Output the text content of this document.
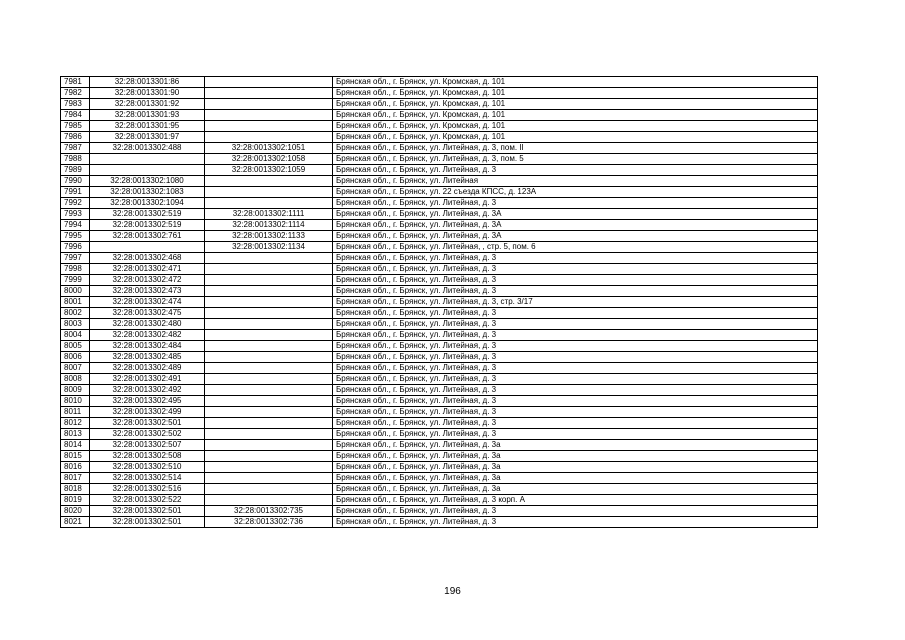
7981	32:28:0013301:86		Брянская обл., г. Брянск, ул. Кромская, д. 101
7982	32:28:0013301:90		Брянская обл., г. Брянск, ул. Кромская, д. 101
7983	32:28:0013301:92		Брянская обл., г. Брянск, ул. Кромская, д. 101
7984	32:28:0013301:93		Брянская обл., г. Брянск, ул. Кромская, д. 101
7985	32:28:0013301:95		Брянская обл., г. Брянск, ул. Кромская, д. 101
7986	32:28:0013301:97		Брянская обл., г. Брянск, ул. Кромская, д. 101
7987	32:28:0013302:488	32:28:0013302:1051	Брянская обл., г. Брянск, ул. Литейная, д. 3, пом. II
7988		32:28:0013302:1058	Брянская обл., г. Брянск, ул. Литейная, д. 3, пом. 5
7989		32:28:0013302:1059	Брянская обл., г. Брянск, ул. Литейная, д. 3
7990	32:28:0013302:1080		Брянская обл., г. Брянск, ул. Литейная
7991	32:28:0013302:1083		Брянская обл., г. Брянск, ул. 22 съезда КПСС, д. 123А
7992	32:28:0013302:1094		Брянская обл., г. Брянск, ул. Литейная, д. 3
7993	32:28:0013302:519	32:28:0013302:1111	Брянская обл., г. Брянск, ул. Литейная, д. 3А
7994	32:28:0013302:519	32:28:0013302:1114	Брянская обл., г. Брянск, ул. Литейная, д. 3А
7995	32:28:0013302:761	32:28:0013302:1133	Брянская обл., г. Брянск, ул. Литейная, д. 3А
7996		32:28:0013302:1134	Брянская обл., г. Брянск, ул. Литейная, , стр. 5, пом. 6
7997	32:28:0013302:468		Брянская обл., г. Брянск, ул. Литейная, д. 3
7998	32:28:0013302:471		Брянская обл., г. Брянск, ул. Литейная, д. 3
7999	32:28:0013302:472		Брянская обл., г. Брянск, ул. Литейная, д. 3
8000	32:28:0013302:473		Брянская обл., г. Брянск, ул. Литейная, д. 3
8001	32:28:0013302:474		Брянская обл., г. Брянск, ул. Литейная, д. 3, стр. 3/17
8002	32:28:0013302:475		Брянская обл., г. Брянск, ул. Литейная, д. 3
8003	32:28:0013302:480		Брянская обл., г. Брянск, ул. Литейная, д. 3
8004	32:28:0013302:482		Брянская обл., г. Брянск, ул. Литейная, д. 3
8005	32:28:0013302:484		Брянская обл., г. Брянск, ул. Литейная, д. 3
8006	32:28:0013302:485		Брянская обл., г. Брянск, ул. Литейная, д. 3
8007	32:28:0013302:489		Брянская обл., г. Брянск, ул. Литейная, д. 3
8008	32:28:0013302:491		Брянская обл., г. Брянск, ул. Литейная, д. 3
8009	32:28:0013302:492		Брянская обл., г. Брянск, ул. Литейная, д. 3
8010	32:28:0013302:495		Брянская обл., г. Брянск, ул. Литейная, д. 3
8011	32:28:0013302:499		Брянская обл., г. Брянск, ул. Литейная, д. 3
8012	32:28:0013302:501		Брянская обл., г. Брянск, ул. Литейная, д. 3
8013	32:28:0013302:502		Брянская обл., г. Брянск, ул. Литейная, д. 3
8014	32:28:0013302:507		Брянская обл., г. Брянск, ул. Литейная, д. 3а
8015	32:28:0013302:508		Брянская обл., г. Брянск, ул. Литейная, д. 3а
8016	32:28:0013302:510		Брянская обл., г. Брянск, ул. Литейная, д. 3а
8017	32:28:0013302:514		Брянская обл., г. Брянск, ул. Литейная, д. 3а
8018	32:28:0013302:516		Брянская обл., г. Брянск, ул. Литейная, д. 3а
8019	32:28:0013302:522		Брянская обл., г. Брянск, ул. Литейная, д. 3 корп. А
8020	32:28:0013302:501	32:28:0013302:735	Брянская обл., г. Брянск, ул. Литейная, д. 3
8021	32:28:0013302:501	32:28:0013302:736	Брянская обл., г. Брянск, ул. Литейная, д. 3
196
